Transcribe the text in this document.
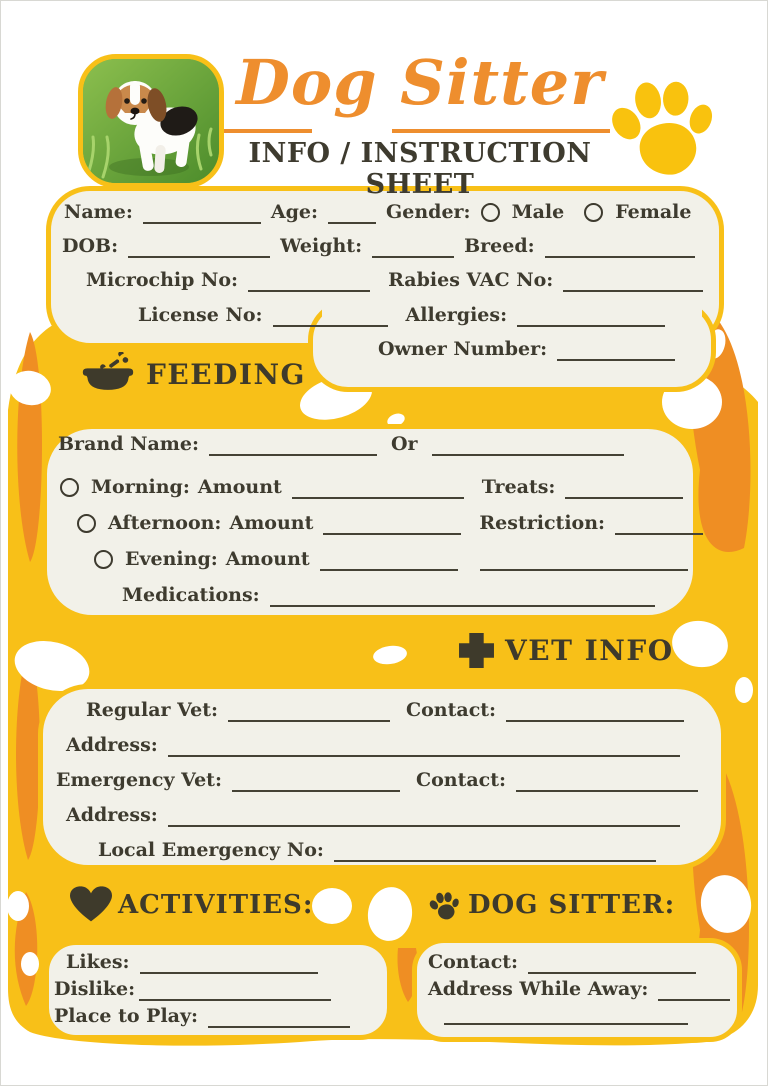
Dog Sitter
INFO / INSTRUCTION SHEET
Name:	Age:	Gender: Male	Female
DOB:	Weight:	Breed:
Microchip No:	Rabies VAC No:
License No:	Allergies:
Owner Number:
FEEDING
Brand Name:	Or
Morning: Amount	Treats:
Afternoon: Amount	Restriction:
Evening: Amount
Medications:
VET INFO
Regular Vet:	Contact:
Address:
Emergency Vet:	Contact:
Address:
Local Emergency No:
ACTIVITIES:	DOG SITTER:
Likes:
Dislike:
Place to Play:
Contact:
Address While Away:
